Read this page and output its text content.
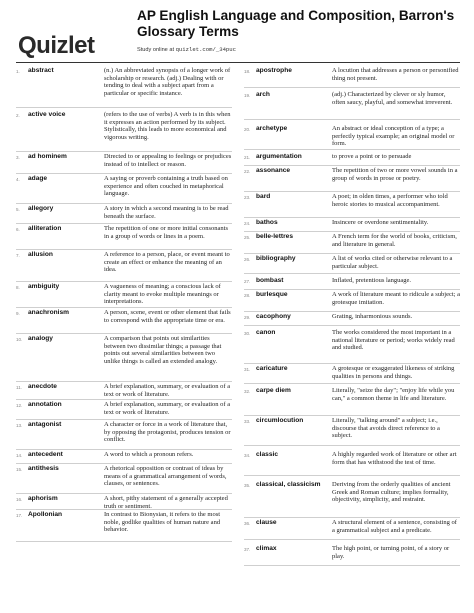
Quizlet
AP English Language and Composition, Barron's Glossary Terms
Study online at quizlet.com/_34puc
1. abstract	(n.) An abbreviated synopsis of a longer work of scholarship or research. (adj.) Dealing with or tending to deal with a subject apart from a particular or specific instance.
2. active voice	(refers to the use of verbs) A verb is in this when it expresses an action performed by its subject. Stylistically, this leads to more economical and vigorous writing.
3. ad hominem	Directed to or appealing to feelings or prejudices instead of to intellect or reason.
4. adage	A saying or proverb containing a truth based on experience and often couched in metaphorical language.
5. allegory	A story in which a second meaning is to be read beneath the surface.
6. alliteration	The repetition of one or more initial consonants in a group of words or lines in a poem.
7. allusion	A reference to a person, place, or event meant to create an effect or enhance the meaning of an idea.
8. ambiguity	A vagueness of meaning; a conscious lack of clarity meant to evoke multiple meanings or interpretations.
9. anachronism	A person, scene, event or other element that fails to correspond with the appropriate time or era.
10. analogy	A comparison that points out similarities between two dissimilar things; a passage that points out several similarities between two unlike things is called an extended analogy.
11. anecdote	A brief explanation, summary, or evaluation of a text or work of literature.
12. annotation	A brief explanation, summary, or evaluation of a text or work of literature.
13. antagonist	A character or force in a work of literature that, by opposing the protagonist, produces tension or conflict.
14. antecedent	A word to which a pronoun refers.
15. antithesis	A rhetorical opposition or contrast of ideas by means of a grammatical arrangement of words, clauses, or sentences.
16. aphorism	A short, pithy statement of a generally accepted truth or sentiment.
17. Apollonian	In contrast to Bionysian, it refers to the most noble, godlike qualities of human nature and behavior.
18. apostrophe	A locution that addresses a person or personified thing not present.
19. arch	(adj.) Characterized by clever or sly humor, often saucy, playful, and somewhat irreverent.
20. archetype	An abstract or ideal conception of a type; a perfectly typical example; an original model or form.
21. argumentation	to prove a point or to persuade
22. assonance	The repetition of two or more vowel sounds in a group of words in prose or poetry.
23. bard	A poet; in olden times, a performer who told heroic stories to musical accompaniment.
24. bathos	Insincere or overdone sentimentality.
25. belle-lettres	A French term for the world of books, criticism, and literature in general.
26. bibliography	A list of works cited or otherwise relevant to a particular subject.
27. bombast	Inflated, pretentious language.
28. burlesque	A work of literature meant to ridicule a subject; a grotesque imitation.
29. cacophony	Grating, inharmonious sounds.
30. canon	The works considered the most important in a national literature or period; works widely read and studied.
31. caricature	A grotesque or exaggerated likeness of striking qualities in persons and things.
32. carpe diem	Literally, "seize the day"; "enjoy life while you can," a common theme in life and literature.
33. circumlocution	Literally, "talking around" a subject; i.e., discourse that avoids direct reference to a subject.
34. classic	A highly regarded work of literature or other art form that has withstood the test of time.
35. classical, classicism	Deriving from the orderly qualities of ancient Greek and Roman culture; implies formality, objectivity, simplicity, and restraint.
36. clause	A structural element of a sentence, consisting of a grammatical subject and a predicate.
37. climax	The high point, or turning point, of a story or play.
